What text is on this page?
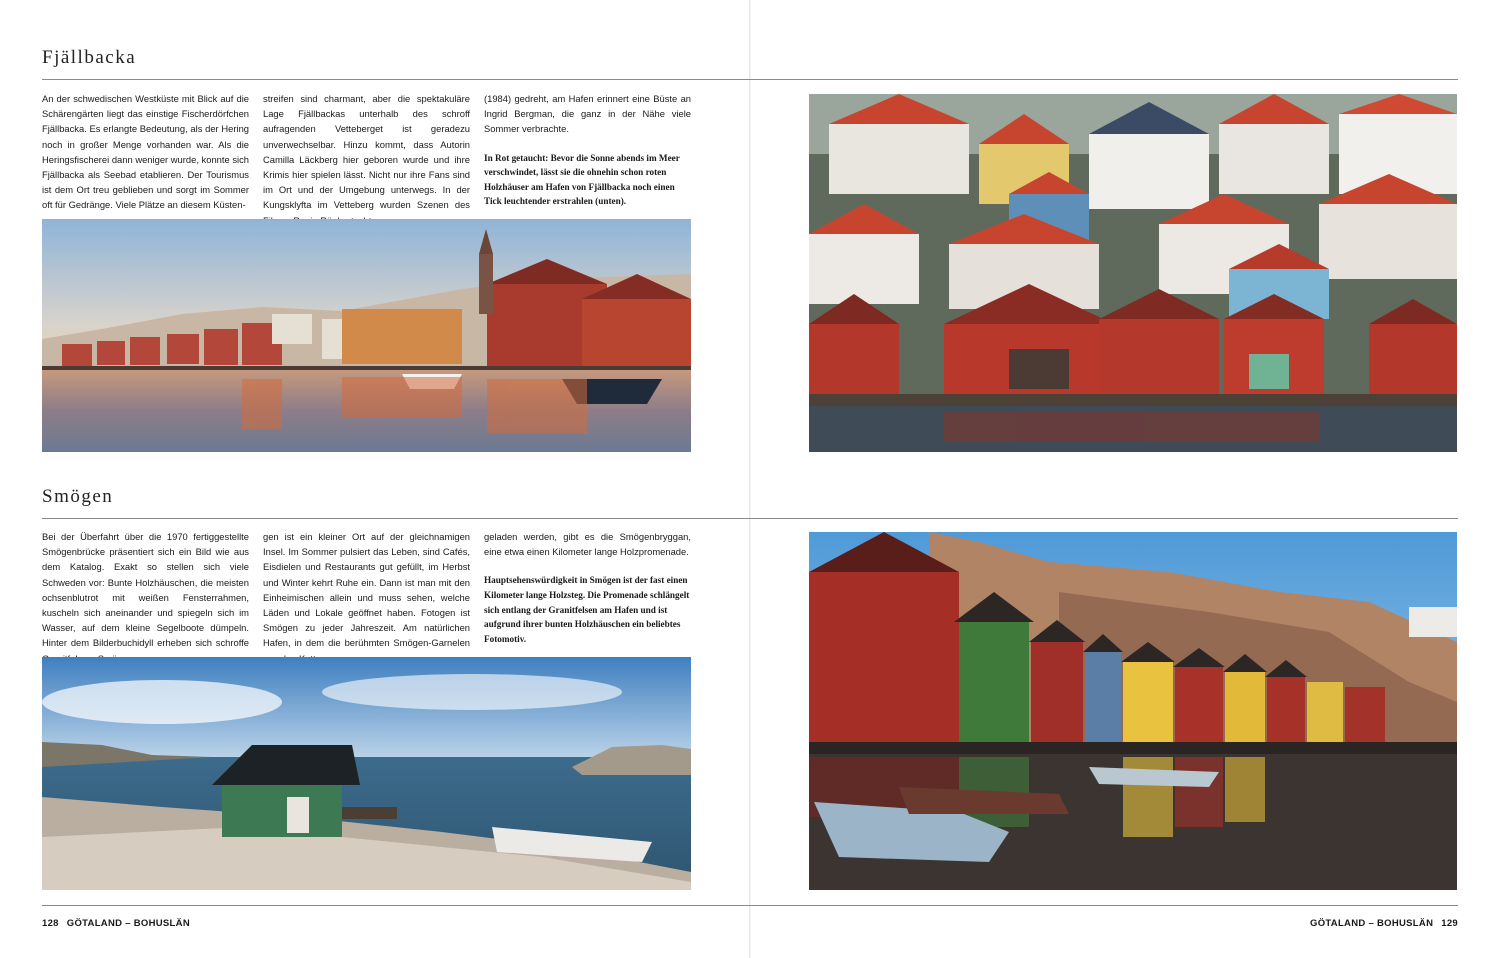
Fjällbacka
An der schwedischen Westküste mit Blick auf die Schärengärten liegt das einstige Fischerdörfchen Fjällbacka. Es erlangte Bedeutung, als der Hering noch in großer Menge vorhanden war. Als die Heringsfischerei dann weniger wurde, konnte sich Fjällbacka als Seebad etablieren. Der Tourismus ist dem Ort treu geblieben und sorgt im Sommer oft für Gedränge. Viele Plätze an diesem Küsten-
streifen sind charmant, aber die spektakuläre Lage Fjällbackas unterhalb des schroff aufragenden Vetteberget ist geradezu unverwechselbar. Hinzu kommt, dass Autorin Camilla Läckberg hier geboren wurde und ihre Krimis hier spielen lässt. Nicht nur ihre Fans sind im Ort und der Umgebung unterwegs. In der Kungsklyfta im Vetteberg wurden Szenen des
(1984) gedreht, am Hafen erinnert eine Büste an Ingrid Bergman, die ganz in der Nähe viele Sommer verbrachte.
In Rot getaucht: Bevor die Sonne abends im Meer verschwindet, lässt sie die ohnehin schon roten Holzhäuser am Hafen von Fjällbacka noch einen Tick leuchtender erstrahlen (unten).
Smögen
Bei der Überfahrt über die 1970 fertiggestellte Smögenbrücke präsentiert sich ein Bild wie aus dem Katalog. Exakt so stellen sich viele Schweden vor: Bunte Holzhäuschen, die meisten ochsenblutrot mit weißen Fensterrahmen, kuscheln sich aneinander und spiegeln sich im Wasser, auf dem kleine Segelboote dümpeln. Hinter dem Bilderbuchidyll erheben sich schroffe
gen ist ein kleiner Ort auf der gleichnamigen Insel. Im Sommer pulsiert das Leben, sind Cafés, Eisdielen und Restaurants gut gefüllt, im Herbst und Winter kehrt Ruhe ein. Dann ist man mit den Einheimischen allein und muss sehen, welche Läden und Lokale geöffnet haben. Fotogen ist Smögen zu jeder Jahreszeit. Am natürlichen Hafen, in dem die berühmten Smögen-Garnelen
geladen werden, gibt es die Smögenbryggan, eine etwa einen Kilometer lange Holzpromenade.
Hauptsehenswürdigkeit in Smögen ist der fast einen Kilometer lange Holzsteg. Die Promenade schlängelt sich entlang der Granitfelsen am Hafen und ist aufgrund ihrer bunten Holzhäuschen ein beliebtes Fotomotiv.
128 GÖTALAND – BOHUSLÄN	GÖTALAND – BOHUSLÄN 129
